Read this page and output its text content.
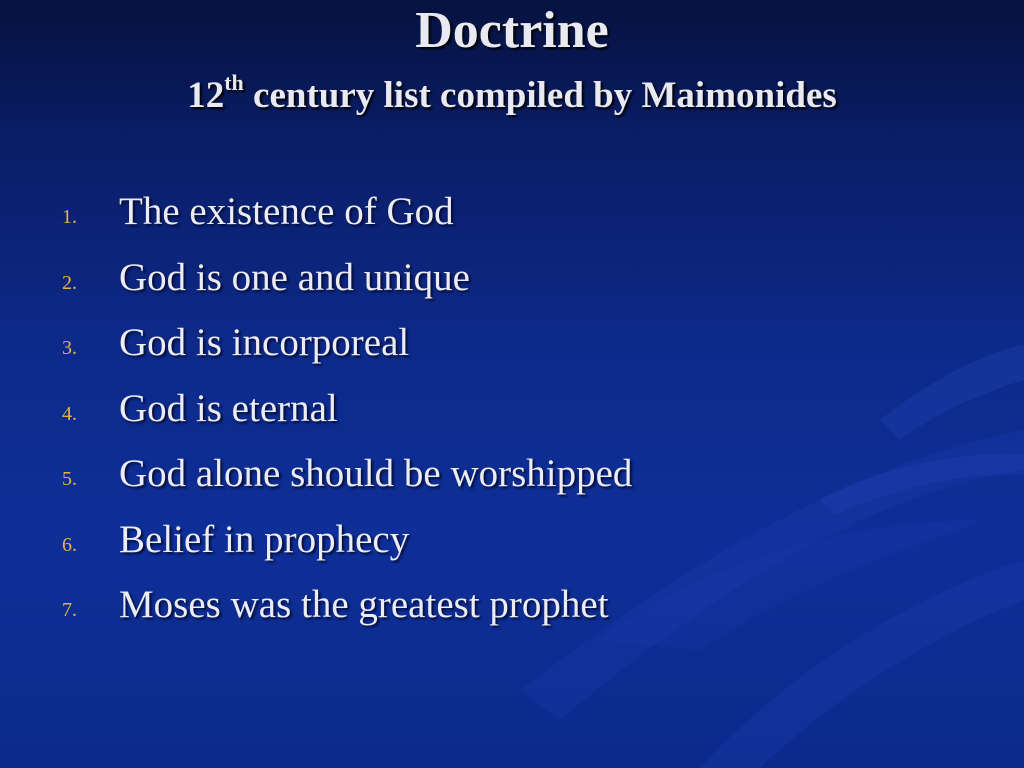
Doctrine
12th century list compiled by Maimonides
1. The existence of God
2. God is one and unique
3. God is incorporeal
4. God is eternal
5. God alone should be worshipped
6. Belief in prophecy
7. Moses was the greatest prophet
